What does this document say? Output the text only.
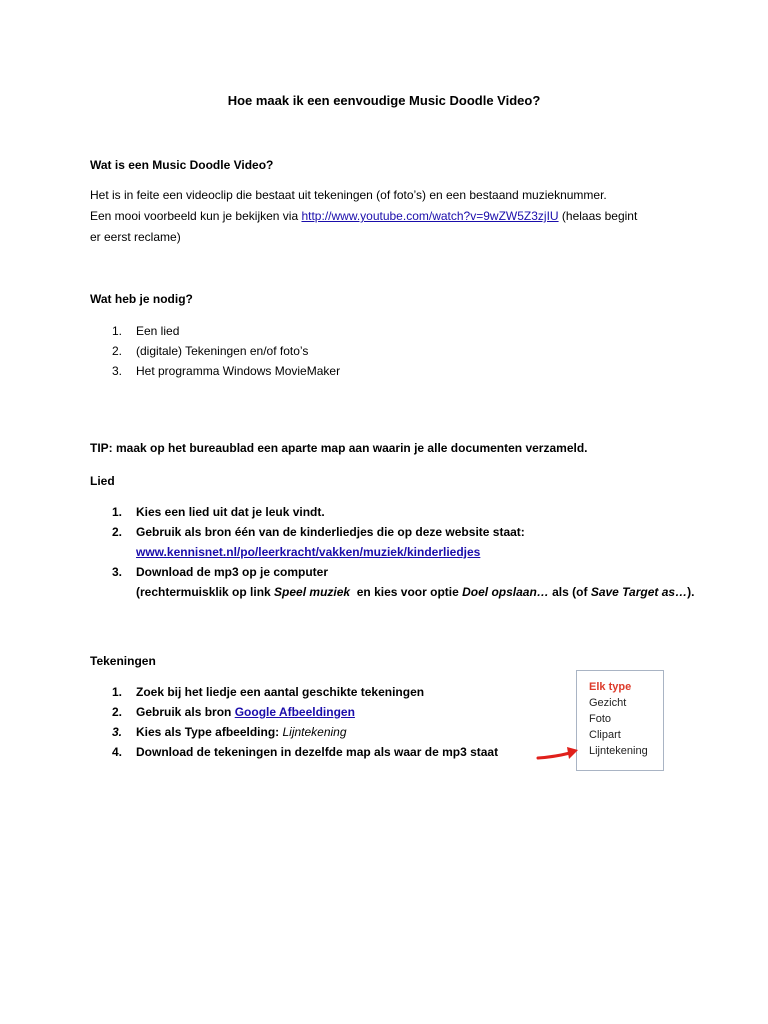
Hoe maak ik een eenvoudige Music Doodle Video?
Wat is een Music Doodle Video?
Het is in feite een videoclip die bestaat uit tekeningen (of foto’s) en een bestaand muzieknummer.
Een mooi voorbeeld kun je bekijken via http://www.youtube.com/watch?v=9wZW5Z3zjIU (helaas begint
er eerst reclame)
Wat heb je nodig?
1. Een lied
2. (digitale) Tekeningen en/of foto’s
3. Het programma Windows MovieMaker
TIP: maak op het bureaublad een aparte map aan waarin je alle documenten verzameld.
Lied
1. Kies een lied uit dat je leuk vindt.
2. Gebruik als bron één van de kinderliedjes die op deze website staat:
www.kennisnet.nl/po/leerkracht/vakken/muziek/kinderliedjes
3. Download de mp3 op je computer
(rechtermuisklik op link Speel muziek  en kies voor optie Doel opslaan… als (of Save Target as…).
Tekeningen
1. Zoek bij het liedje een aantal geschikte tekeningen
2. Gebruik als bron Google Afbeeldingen
3. Kies als Type afbeelding: Lijntekening
4. Download de tekeningen in dezelfde map als waar de mp3 staat
Elk type
Gezicht
Foto
Clipart
Lijntekening
